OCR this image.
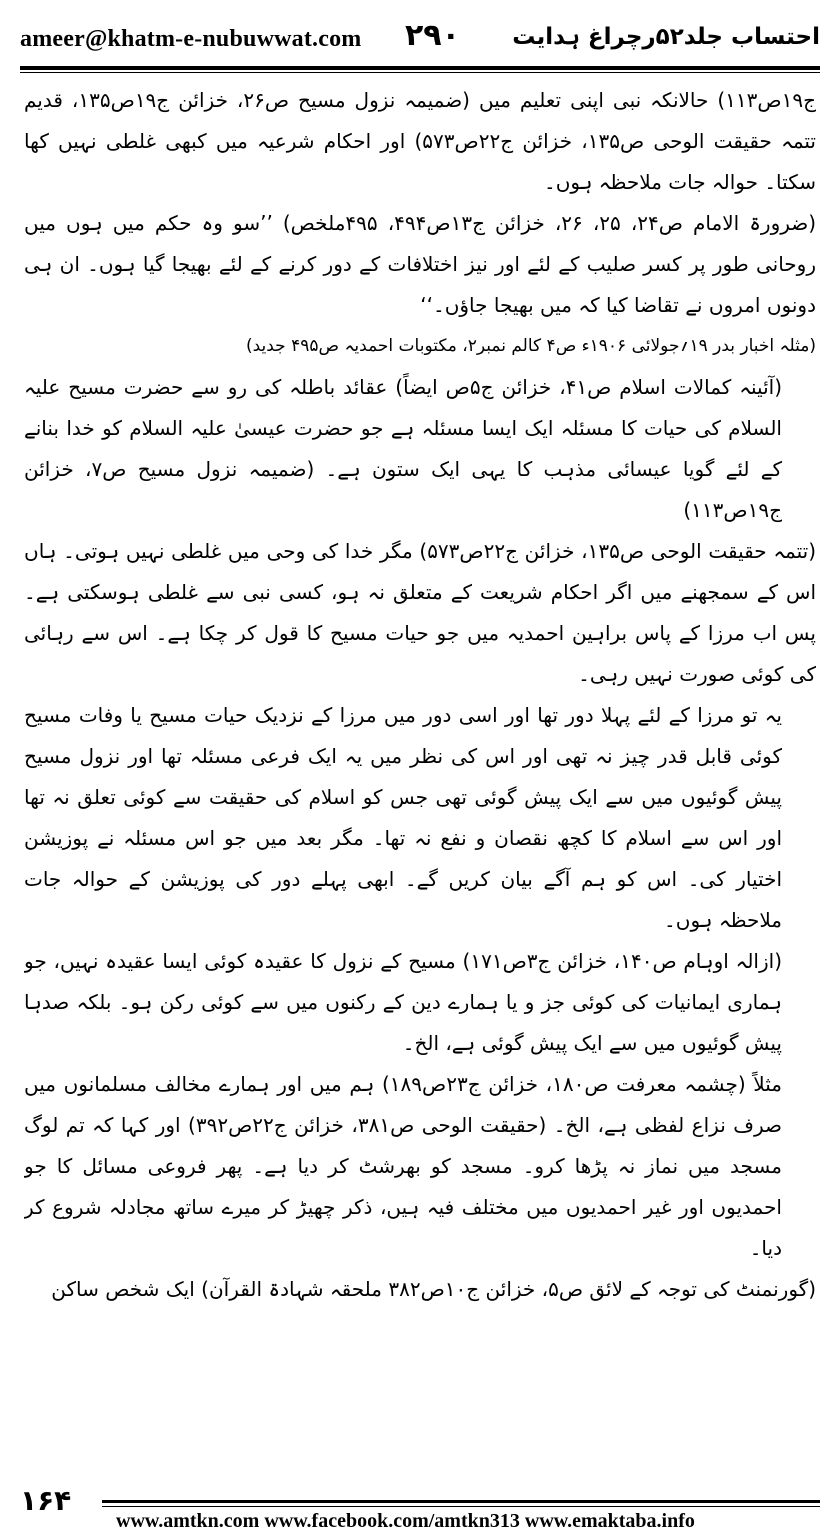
ameer@khatm-e-nubuwwat.com ۲۹۰ احتساب جلد۵۲رچراغ ہدایت

ج۱۹ص۱۱۳) حالانکہ نبی اپنی تعلیم میں (ضمیمہ نزول مسیح ص۲۶، خزائن ج۱۹ص۱۳۵، قدیم تتمہ حقیقت الوحی ص۱۳۵، خزائن ج۲۲ص۵۷۳) اور احکام شرعیہ میں کبھی غلطی نہیں کھا سکتا۔ حوالہ جات ملاحظہ ہوں۔

(ضرورۃ الامام ص۲۴، ۲۵، ۲۶، خزائن ج۱۳ص۴۹۴، ۴۹۵ملخص) ’’سو وہ حکم میں ہوں میں روحانی طور پر کسر صلیب کے لئے اور نیز اختلافات کے دور کرنے کے لئے بھیجا گیا ہوں۔ ان ہی دونوں امروں نے تقاضا کیا کہ میں بھیجا جاؤں۔‘‘

(مثلہ اخبار بدر ۱۹؍جولائی ۱۹۰۶ء ص۴ کالم نمبر۲، مکتوبات احمدیہ ص۴۹۵ جدید)

(آئینہ کمالات اسلام ص۴۱، خزائن ج۵ص ایضاً) عقائد باطلہ کی رو سے حضرت مسیح علیہ السلام کی حیات کا مسئلہ ایک ایسا مسئلہ ہے جو حضرت عیسیٰ علیہ السلام کو خدا بنانے کے لئے گویا عیسائی مذہب کا یہی ایک ستون ہے۔ (ضمیمہ نزول مسیح ص۷، خزائن ج۱۹ص۱۱۳)

(تتمہ حقیقت الوحی ص۱۳۵، خزائن ج۲۲ص۵۷۳) مگر خدا کی وحی میں غلطی نہیں ہوتی۔ ہاں اس کے سمجھنے میں اگر احکام شریعت کے متعلق نہ ہو، کسی نبی سے غلطی ہوسکتی ہے۔ پس اب مرزا کے پاس براہین احمدیہ میں جو حیات مسیح کا قول کر چکا ہے۔ اس سے رہائی کی کوئی صورت نہیں رہی۔

یہ تو مرزا کے لئے پہلا دور تھا اور اسی دور میں مرزا کے نزدیک حیات مسیح یا وفات مسیح کوئی قابل قدر چیز نہ تھی اور اس کی نظر میں یہ ایک فرعی مسئلہ تھا اور نزول مسیح پیش گوئیوں میں سے ایک پیش گوئی تھی جس کو اسلام کی حقیقت سے کوئی تعلق نہ تھا اور اس سے اسلام کا کچھ نقصان و نفع نہ تھا۔ مگر بعد میں جو اس مسئلہ نے پوزیشن اختیار کی۔ اس کو ہم آگے بیان کریں گے۔ ابھی پہلے دور کی پوزیشن کے حوالہ جات ملاحظہ ہوں۔

(ازالہ اوہام ص۱۴۰، خزائن ج۳ص۱۷۱) مسیح کے نزول کا عقیدہ کوئی ایسا عقیدہ نہیں، جو ہماری ایمانیات کی کوئی جز و یا ہمارے دین کے رکنوں میں سے کوئی رکن ہو۔ بلکہ صدہا پیش گوئیوں میں سے ایک پیش گوئی ہے، الخ۔

مثلاً (چشمہ معرفت ص۱۸۰، خزائن ج۲۳ص۱۸۹) ہم میں اور ہمارے مخالف مسلمانوں میں صرف نزاع لفظی ہے، الخ۔ (حقیقت الوحی ص۳۸۱، خزائن ج۲۲ص۳۹۲) اور کہا کہ تم لوگ مسجد میں نماز نہ پڑھا کرو۔ مسجد کو بھرشٹ کر دیا ہے۔ پھر فروعی مسائل کا جو احمدیوں اور غیر احمدیوں میں مختلف فیہ ہیں، ذکر چھیڑ کر میرے ساتھ مجادلہ شروع کر دیا۔

(گورنمنٹ کی توجہ کے لائق ص۵، خزائن ج۱۰ص۳۸۲ ملحقہ شہادۃ القرآن) ایک شخص ساکن

۱۶۴
www.amtkn.com www.facebook.com/amtkn313 www.emaktaba.info
